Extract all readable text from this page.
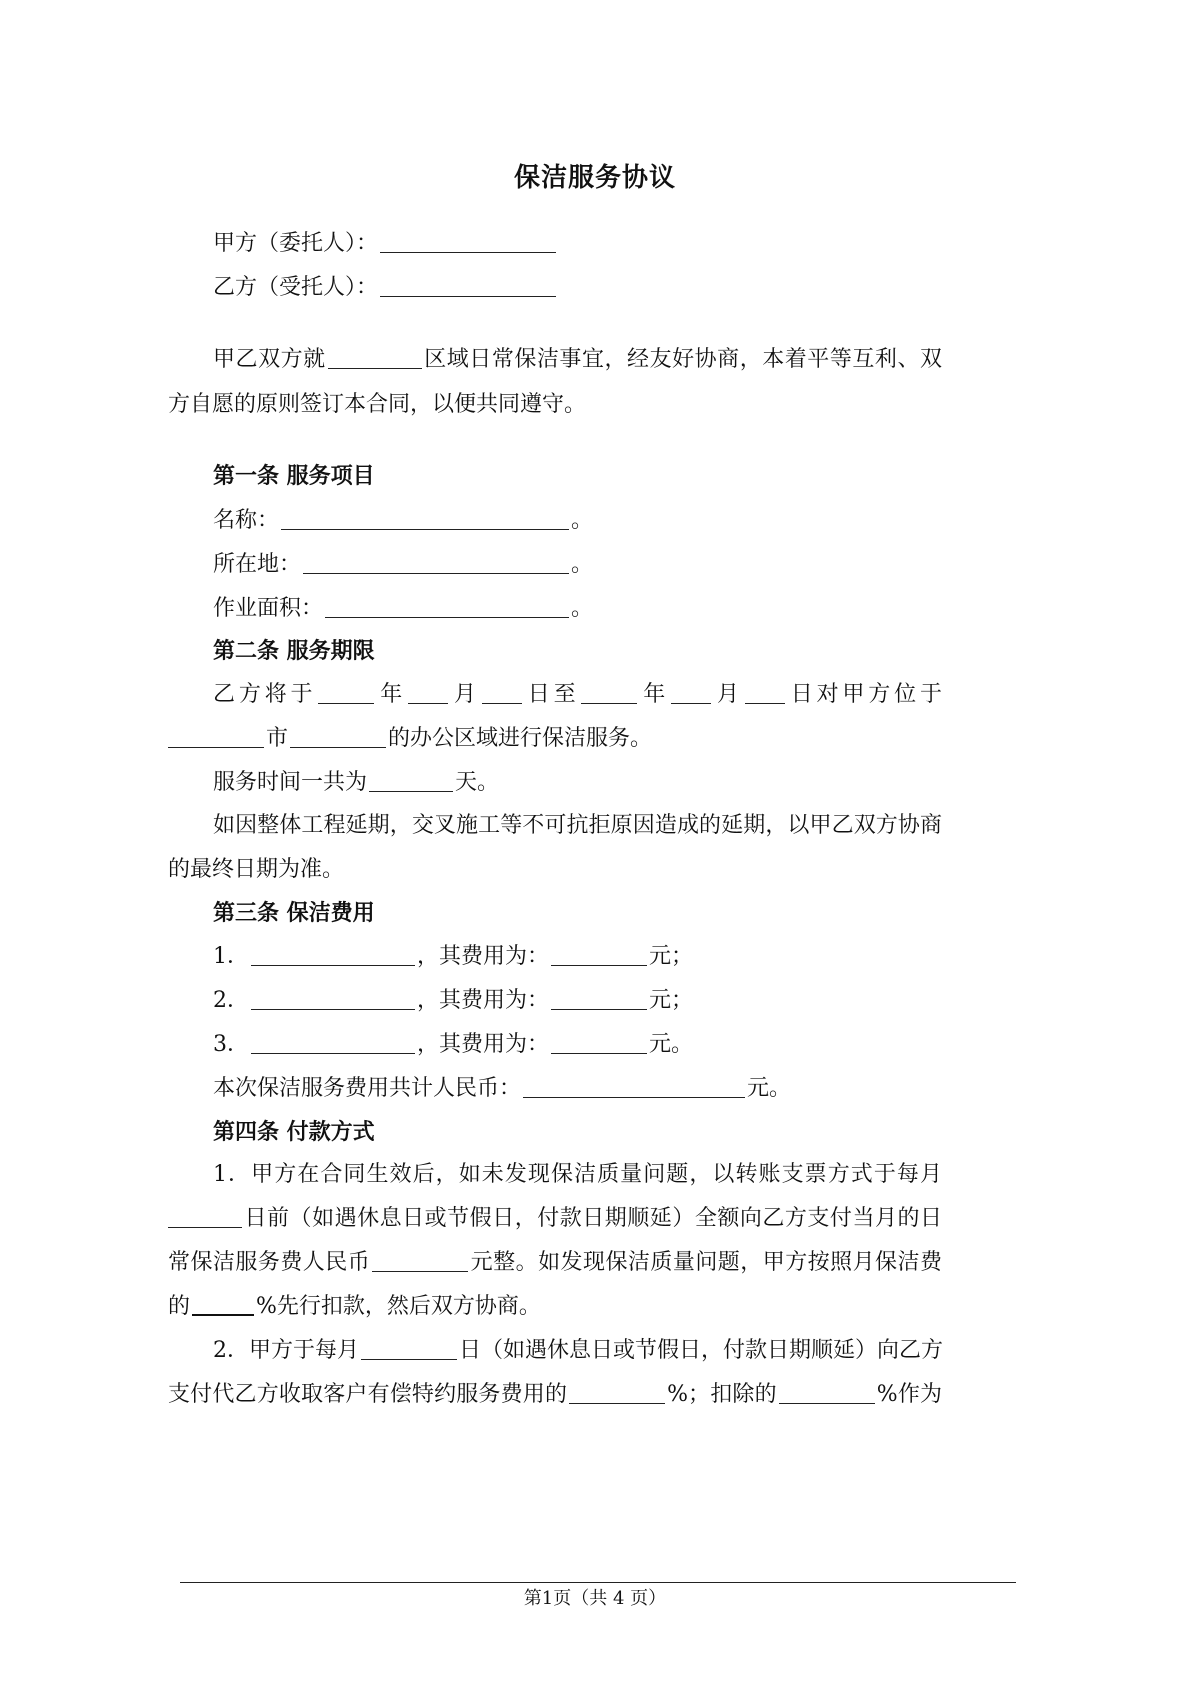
保洁服务协议
甲方（委托人）：
乙方（受托人）：
甲乙双方就	区域日常保洁事宜，经友好协商，本着平等互利、双
方自愿的原则签订本合同，以便共同遵守。
第一条 服务项目
名称：	。
所在地：	。
作业面积：	。
第二条 服务期限
乙方将于	年 月 日至	年 月 日对甲方位于
市	的办公区域进行保洁服务。
服务时间一共为	天。
如因整体工程延期，交叉施工等不可抗拒原因造成的延期，以甲乙双方协商
的最终日期为准。
第三条 保洁费用
1．	，其费用为：	元；
2．	，其费用为：	元；
3．	，其费用为：	元。
本次保洁服务费用共计人民币：	元。
第四条 付款方式
1．甲方在合同生效后，如未发现保洁质量问题，以转账支票方式于每月
日前（如遇休息日或节假日，付款日期顺延）全额向乙方支付当月的日
常保洁服务费人民币	元整。如发现保洁质量问题，甲方按照月保洁费
的	%先行扣款，然后双方协商。
2．甲方于每月	日（如遇休息日或节假日，付款日期顺延）向乙方
支付代乙方收取客户有偿特约服务费用的	%；扣除的	%作为
第1页（共 4 页）
